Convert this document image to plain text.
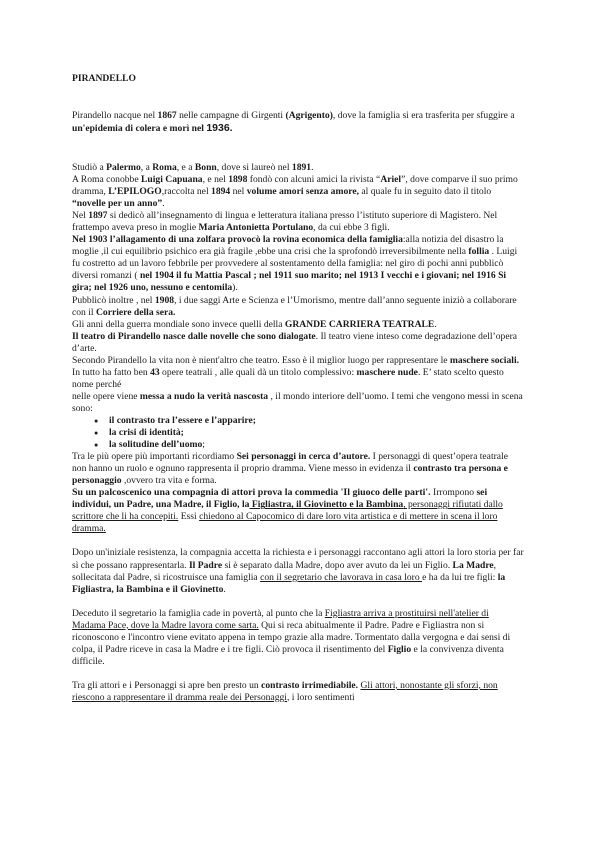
PIRANDELLO

Pirandello nacque nel 1867 nelle campagne di Girgenti (Agrigento), dove la famiglia si era trasferita per sfuggire a un'epidemia di colera e morì nel 1936.

Studiò a Palermo, a Roma, e a Bonn, dove si laureò nel 1891.

A Roma conobbe Luigi Capuana, e nel 1898 fondò con alcuni amici la rivista “Ariel”, dove comparve il suo primo dramma, L’EPILOGO,raccolta nel 1894 nel volume amori senza amore, al quale fu in seguito dato il titolo “novelle per un anno”.

Nel 1897 si dedicò all’insegnamento di lingua e letteratura italiana presso l’istituto superiore di Magistero. Nel frattempo aveva preso in moglie Maria Antonietta Portulano, da cui ebbe 3 figli.

Nel 1903 l’allagamento di una zolfara provocò la rovina economica della famiglia:alla notizia del disastro la moglie ,il cui equilibrio psichico era già fragile ,ebbe una crisi che la sprofondò irreversibilmente nella follia . Luigi fu costretto ad un lavoro febbrile per provvedere al sostentamento della famiglia: nel giro di pochi anni pubblicò diversi romanzi ( nel 1904 il fu Mattia Pascal ; nel 1911 suo marito; nel 1913 I vecchi e i giovani; nel 1916 Si gira; nel 1926 uno, nessuno e centomila).

Pubblicò inoltre , nel 1908, i due saggi Arte e Scienza e l’Umorismo, mentre dall’anno seguente iniziò a collaborare con il Corriere della sera.

Gli anni della guerra mondiale sono invece quelli della GRANDE CARRIERA TEATRALE.

Il teatro di Pirandello nasce dalle novelle che sono dialogate. Il teatro viene inteso come degradazione dell’opera d’arte.

Secondo Pirandello la vita non è nient'altro che teatro. Esso è il miglior luogo per rappresentare le maschere sociali. In tutto ha fatto ben 43 opere teatrali , alle quali dà un titolo complessivo: maschere nude. E’ stato scelto questo nome perché

nelle opere viene messa a nudo la verità nascosta , il mondo interiore dell’uomo. I temi che vengono messi in scena sono:

● il contrasto tra l’essere e l’apparire;
● la crisi di identità;
● la solitudine dell’uomo;

Tra le più opere più importanti ricordiamo Sei personaggi in cerca d’autore. I personaggi di quest’opera teatrale non hanno un ruolo e ognuno rappresenta il proprio dramma. Viene messo in evidenza il contrasto tra persona e personaggio ,ovvero tra vita e forma.

Su un palcoscenico una compagnia di attori prova la commedia 'Il giuoco delle parti'. Irrompono sei individui, un Padre, una Madre, il Figlio, la Figliastra, il Giovinetto e la Bambina, personaggi rifiutati dallo scrittore che li ha concepiti. Essi chiedono al Capocomico di dare loro vita artistica e di mettere in scena il loro dramma.

Dopo un'iniziale resistenza, la compagnia accetta la richiesta e i personaggi raccontano agli attori la loro storia per far sì che possano rappresentarla. Il Padre si è separato dalla Madre, dopo aver avuto da lei un Figlio. La Madre, sollecitata dal Padre, si ricostruisce una famiglia con il segretario che lavorava in casa loro e ha da lui tre figli: la Figliastra, la Bambina e il Giovinetto.

Deceduto il segretario la famiglia cade in povertà, al punto che la Figliastra arriva a prostituirsi nell'atelier di Madama Pace, dove la Madre lavora come sarta. Qui si reca abitualmente il Padre. Padre e Figliastra non si riconoscono e l'incontro viene evitato appena in tempo grazie alla madre. Tormentato dalla vergogna e dai sensi di colpa, il Padre riceve in casa la Madre e i tre figli. Ciò provoca il risentimento del Figlio e la convivenza diventa difficile.

Tra gli attori e i Personaggi si apre ben presto un contrasto irrimediabile. Gli attori, nonostante gli sforzi, non riescono a rappresentare il dramma reale dei Personaggi, i loro sentimenti
